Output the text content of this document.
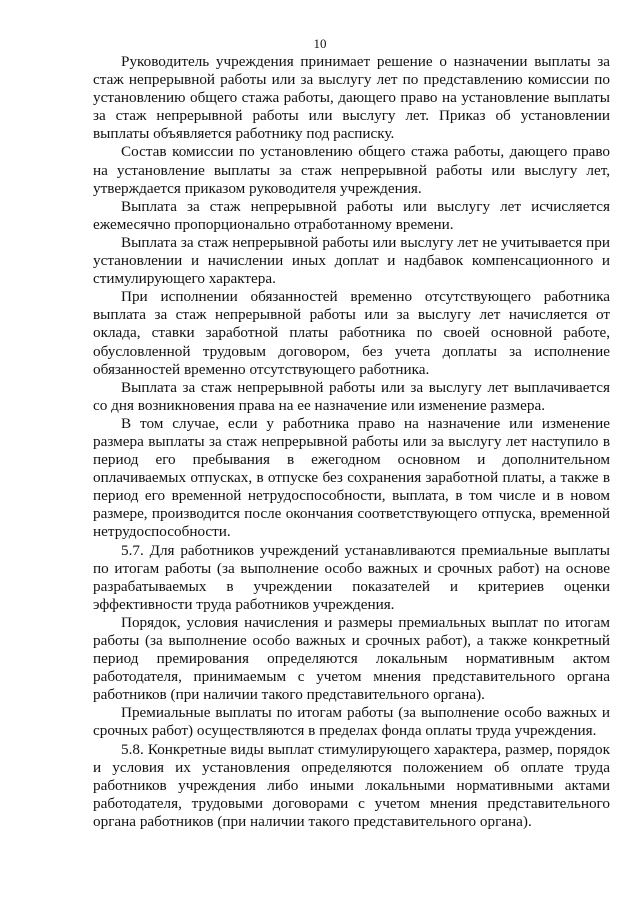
10

Руководитель учреждения принимает решение о назначении выплаты за стаж непрерывной работы или за выслугу лет по представлению комиссии по установлению общего стажа работы, дающего право на установление выплаты за стаж непрерывной работы или выслугу лет. Приказ об установлении выплаты объявляется работнику под расписку.

Состав комиссии по установлению общего стажа работы, дающего право на установление выплаты за стаж непрерывной работы или выслугу лет, утверждается приказом руководителя учреждения.

Выплата за стаж непрерывной работы или выслугу лет исчисляется ежемесячно пропорционально отработанному времени.

Выплата за стаж непрерывной работы или выслугу лет не учитывается при установлении и начислении иных доплат и надбавок компенсационного и стимулирующего характера.

При исполнении обязанностей временно отсутствующего работника выплата за стаж непрерывной работы или за выслугу лет начисляется от оклада, ставки заработной платы работника по своей основной работе, обусловленной трудовым договором, без учета доплаты за исполнение обязанностей временно отсутствующего работника.

Выплата за стаж непрерывной работы или за выслугу лет выплачивается со дня возникновения права на ее назначение или изменение размера.

В том случае, если у работника право на назначение или изменение размера выплаты за стаж непрерывной работы или за выслугу лет наступило в период его пребывания в ежегодном основном и дополнительном оплачиваемых отпусках, в отпуске без сохранения заработной платы, а также в период его временной нетрудоспособности, выплата, в том числе и в новом размере, производится после окончания соответствующего отпуска, временной нетрудоспособности.

5.7. Для работников учреждений устанавливаются премиальные выплаты по итогам работы (за выполнение особо важных и срочных работ) на основе разрабатываемых в учреждении показателей и критериев оценки эффективности труда работников учреждения.

Порядок, условия начисления и размеры премиальных выплат по итогам работы (за выполнение особо важных и срочных работ), а также конкретный период премирования определяются локальным нормативным актом работодателя, принимаемым с учетом мнения представительного органа работников (при наличии такого представительного органа).

Премиальные выплаты по итогам работы (за выполнение особо важных и срочных работ) осуществляются в пределах фонда оплаты труда учреждения.

5.8. Конкретные виды выплат стимулирующего характера, размер, порядок и условия их установления определяются положением об оплате труда работников учреждения либо иными локальными нормативными актами работодателя, трудовыми договорами с учетом мнения представительного органа работников (при наличии такого представительного органа).
